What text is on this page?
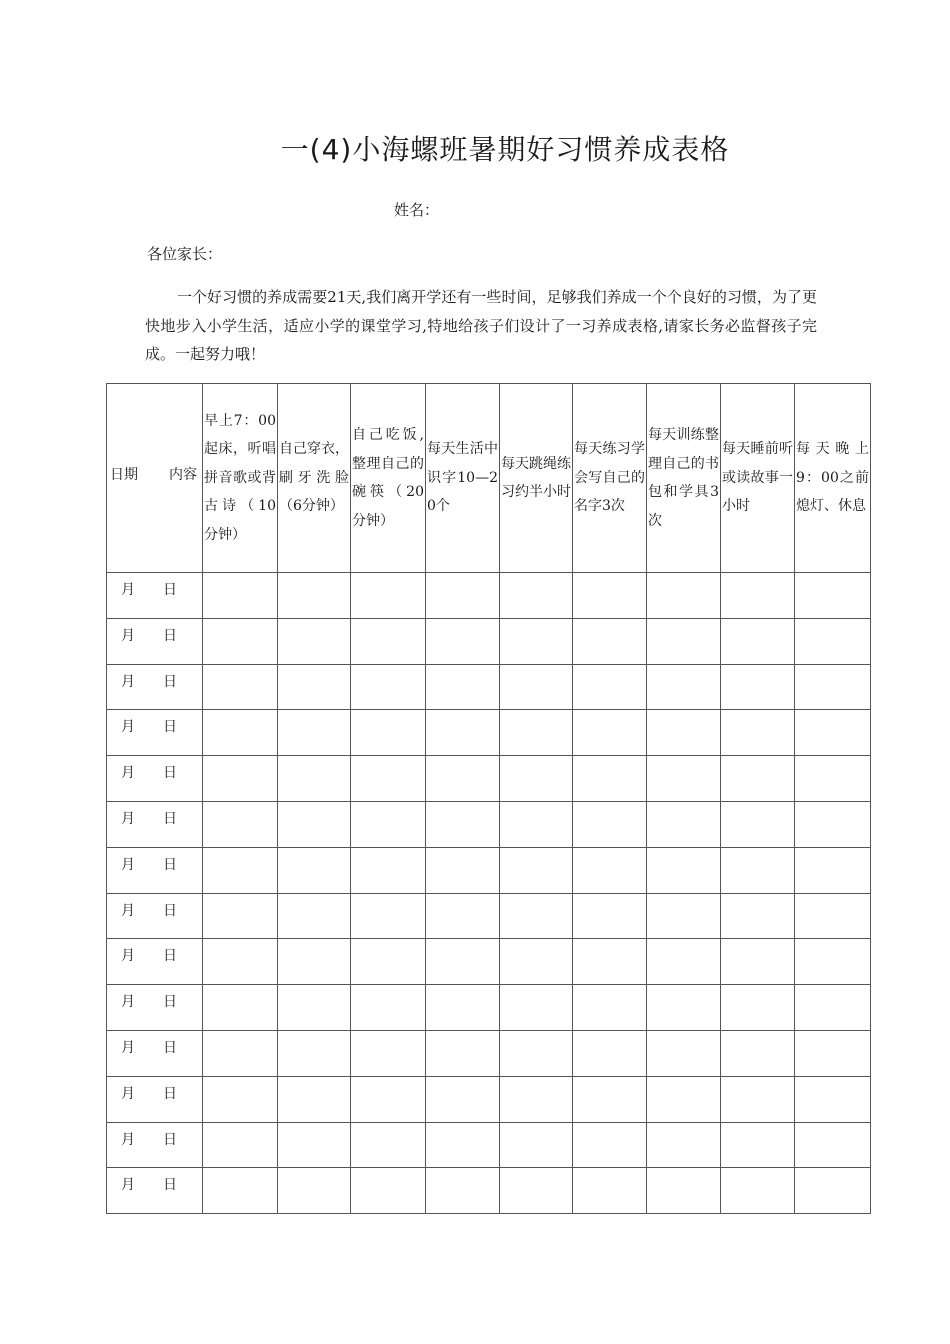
一(4)小海螺班暑期好习惯养成表格
姓名：
各位家长：

一个好习惯的养成需要21天,我们离开学还有一些时间，足够我们养成一个个良好的习惯，为了更快地步入小学生活，适应小学的课堂学习,特地给孩子们设计了一习养成表格,请家长务必监督孩子完成。一起努力哦！

日期 内容	早上7：00起床，听唱拼音歌或背古诗（10分钟）	自己穿衣，刷牙洗脸（6分钟）	自己吃饭,整理自己的碗筷（20分钟）	每天生活中识字10—20个	每天跳绳练习约半小时	每天练习学会写自己的名字3次	每天训练整理自己的书包和学具3次	每天睡前听或读故事一小时	每天晚上9：00之前熄灯、休息

月 日									

月 日									

月 日									

月 日									

月 日									

月 日									

月 日									

月 日									

月 日									

月 日									

月 日									

月 日									

月 日									

月 日									
